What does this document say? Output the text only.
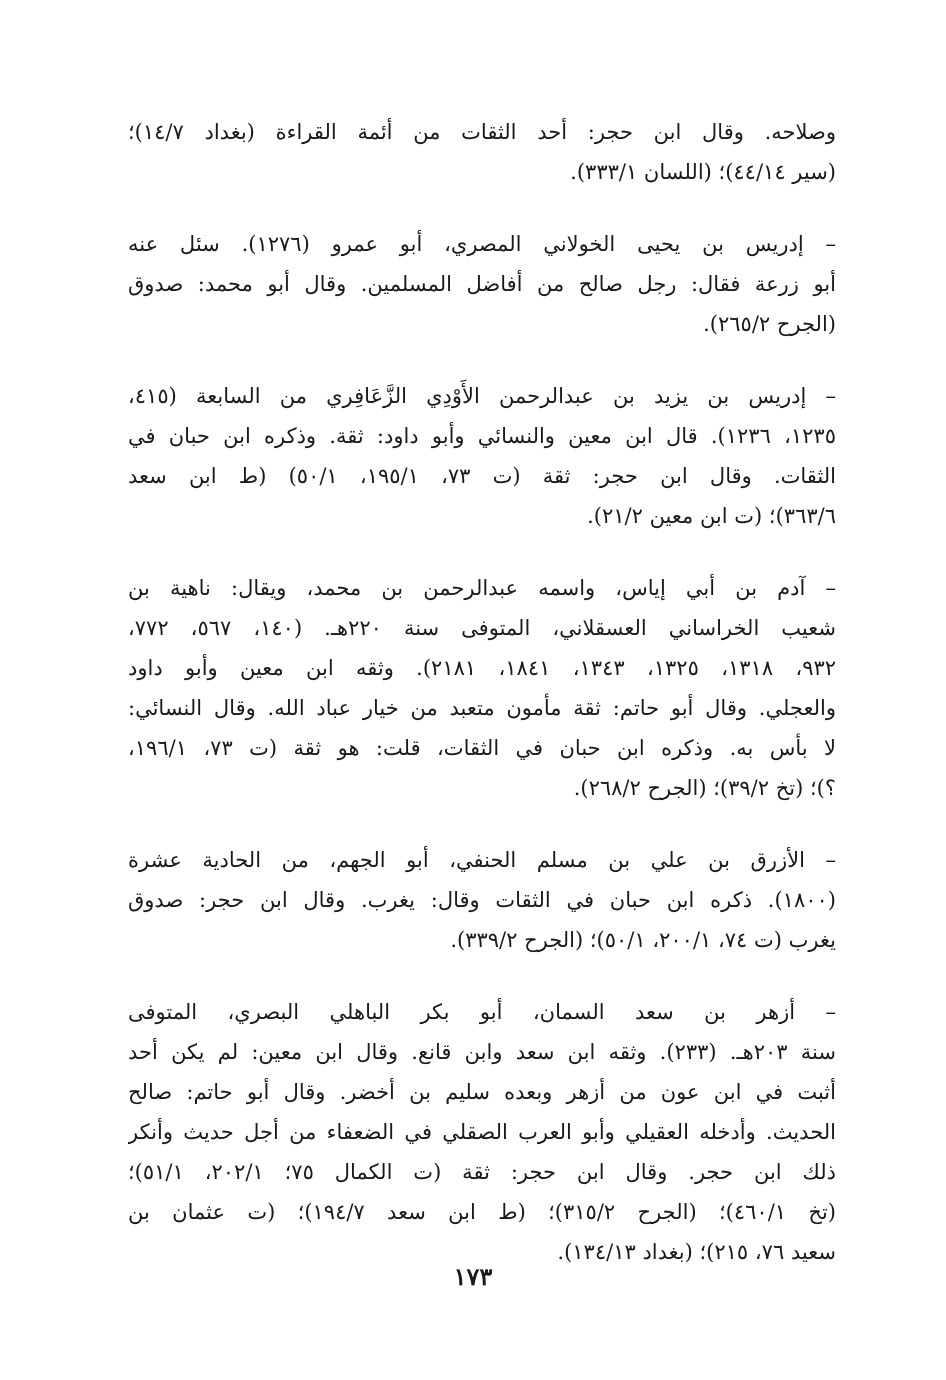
وصلاحه. وقال ابن حجر: أحد الثقات من أئمة القراءة (بغداد ١٤/٧)؛
(سير ٤٤/١٤)؛ (اللسان ٣٣٣/١).
– إدريس بن يحيى الخولاني المصري، أبو عمرو (١٢٧٦). سئل عنه
أبو زرعة فقال: رجل صالح من أفاضل المسلمين. وقال أبو محمد: صدوق
(الجرح ٢٦٥/٢).
– إدريس بن يزيد بن عبدالرحمن الأَوْدِي الزَّعَافِري من السابعة (٤١٥،
١٢٣٥، ١٢٣٦). قال ابن معين والنسائي وأبو داود: ثقة. وذكره ابن حبان في
الثقات. وقال ابن حجر: ثقة (ت ٧٣، ١٩٥/١، ٥٠/١) (ط ابن سعد
٣٦٣/٦)؛ (ت ابن معين ٢١/٢).
– آدم بن أبي إياس، واسمه عبدالرحمن بن محمد، ويقال: ناهية بن
شعيب الخراساني العسقلاني، المتوفى سنة ٢٢٠هـ. (١٤٠، ٥٦٧، ٧٧٢،
٩٣٢، ١٣١٨، ١٣٢٥، ١٣٤٣، ١٨٤١، ٢١٨١). وثقه ابن معين وأبو داود
والعجلي. وقال أبو حاتم: ثقة مأمون متعبد من خيار عباد الله. وقال النسائي:
لا بأس به. وذكره ابن حبان في الثقات، قلت: هو ثقة (ت ٧٣، ١٩٦/١،
؟)؛ (تخ ٣٩/٢)؛ (الجرح ٢٦٨/٢).
– الأزرق بن علي بن مسلم الحنفي، أبو الجهم، من الحادية عشرة
(١٨٠٠). ذكره ابن حبان في الثقات وقال: يغرب. وقال ابن حجر: صدوق
يغرب (ت ٧٤، ٢٠٠/١، ٥٠/١)؛ (الجرح ٣٣٩/٢).
– أزهر بن سعد السمان، أبو بكر الباهلي البصري، المتوفى
سنة ٢٠٣هـ. (٢٣٣). وثقه ابن سعد وابن قانع. وقال ابن معين: لم يكن أحد
أثبت في ابن عون من أزهر وبعده سليم بن أخضر. وقال أبو حاتم: صالح
الحديث. وأدخله العقيلي وأبو العرب الصقلي في الضعفاء من أجل حديث وأنكر
ذلك ابن حجر. وقال ابن حجر: ثقة (ت الكمال ٧٥؛ ٢٠٢/١، ٥١/١)؛
(تخ ٤٦٠/١)؛ (الجرح ٣١٥/٢)؛ (ط ابن سعد ١٩٤/٧)؛ (ت عثمان بن
سعيد ٧٦، ٢١٥)؛ (بغداد ١٣٤/١٣).
١٧٣
